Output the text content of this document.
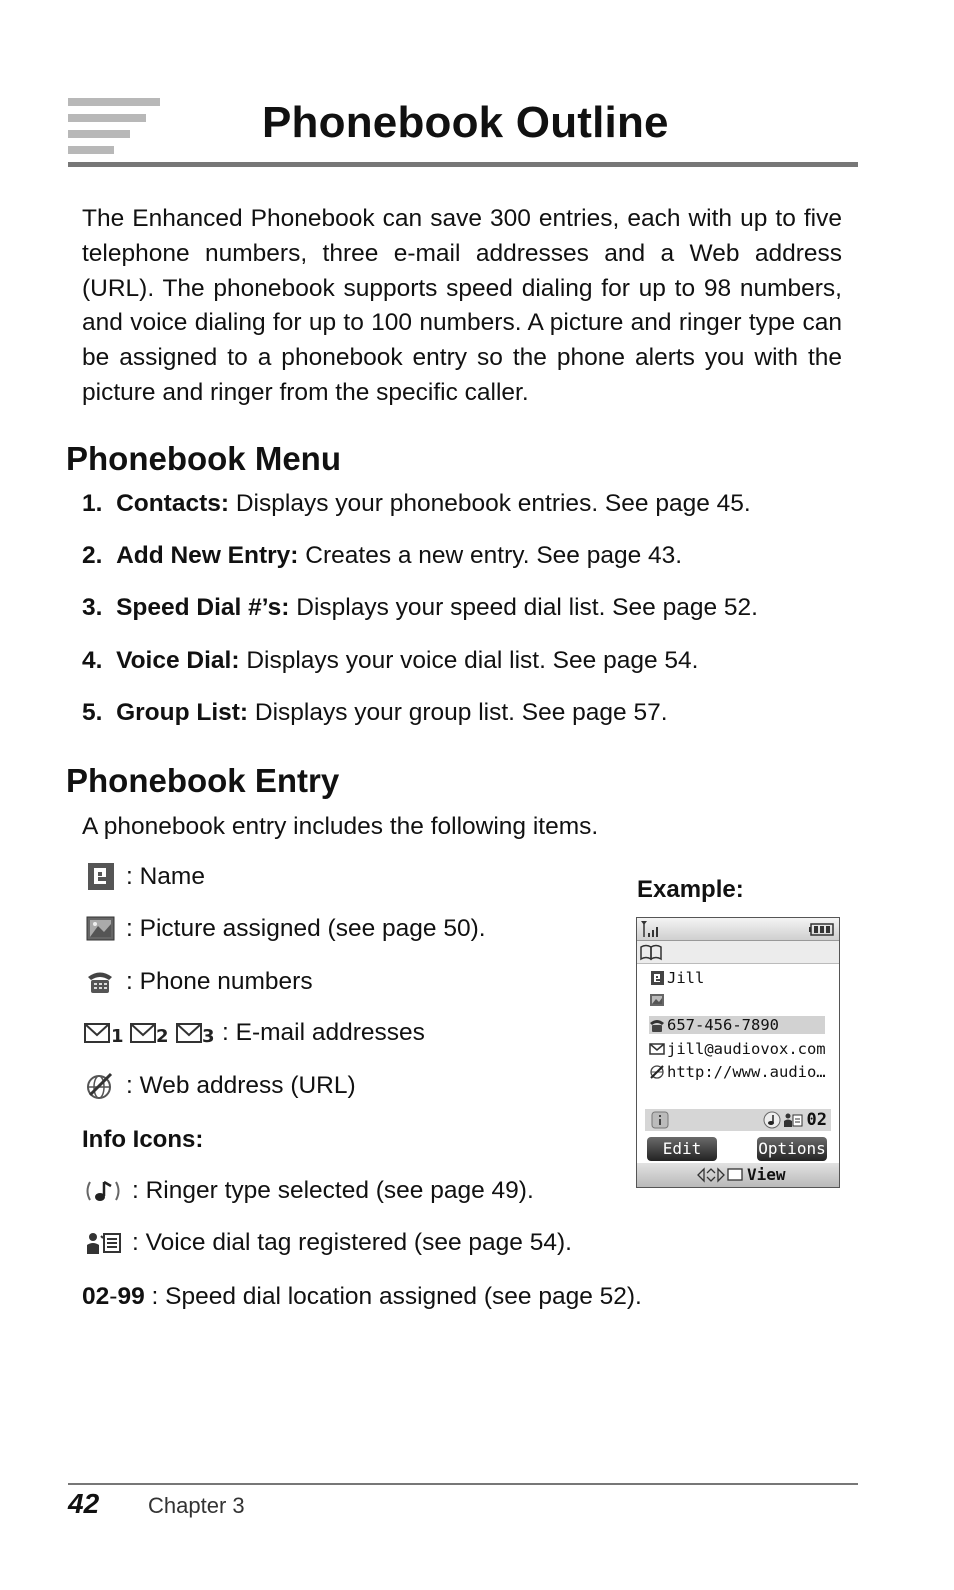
Phonebook Outline

The Enhanced Phonebook can save 300 entries, each with up to five telephone numbers, three e-mail addresses and a Web address (URL). The phonebook supports speed dialing for up to 98 numbers, and voice dialing for up to 100 numbers. A picture and ringer type can be assigned to a phonebook entry so the phone alerts you with the picture and ringer from the specific caller.

Phonebook Menu
1. Contacts: Displays your phonebook entries. See page 45.
2. Add New Entry: Creates a new entry. See page 43.
3. Speed Dial #’s: Displays your speed dial list. See page 52.
4. Voice Dial: Displays your voice dial list. See page 54.
5. Group List: Displays your group list. See page 57.
Phonebook Entry
A phonebook entry includes the following items.
: Name
: Picture assigned (see page 50).
: Phone numbers
1 2 3 : E-mail addresses
: Web address (URL)
Info Icons:
: Ringer type selected (see page 49).
: Voice dial tag registered (see page 54).
02-99 : Speed dial location assigned (see page 52).
Example:
Jill
657-456-7890
jill@audiovox.com
http://www.audio…
02
Edit	Options
View
42 Chapter 3
